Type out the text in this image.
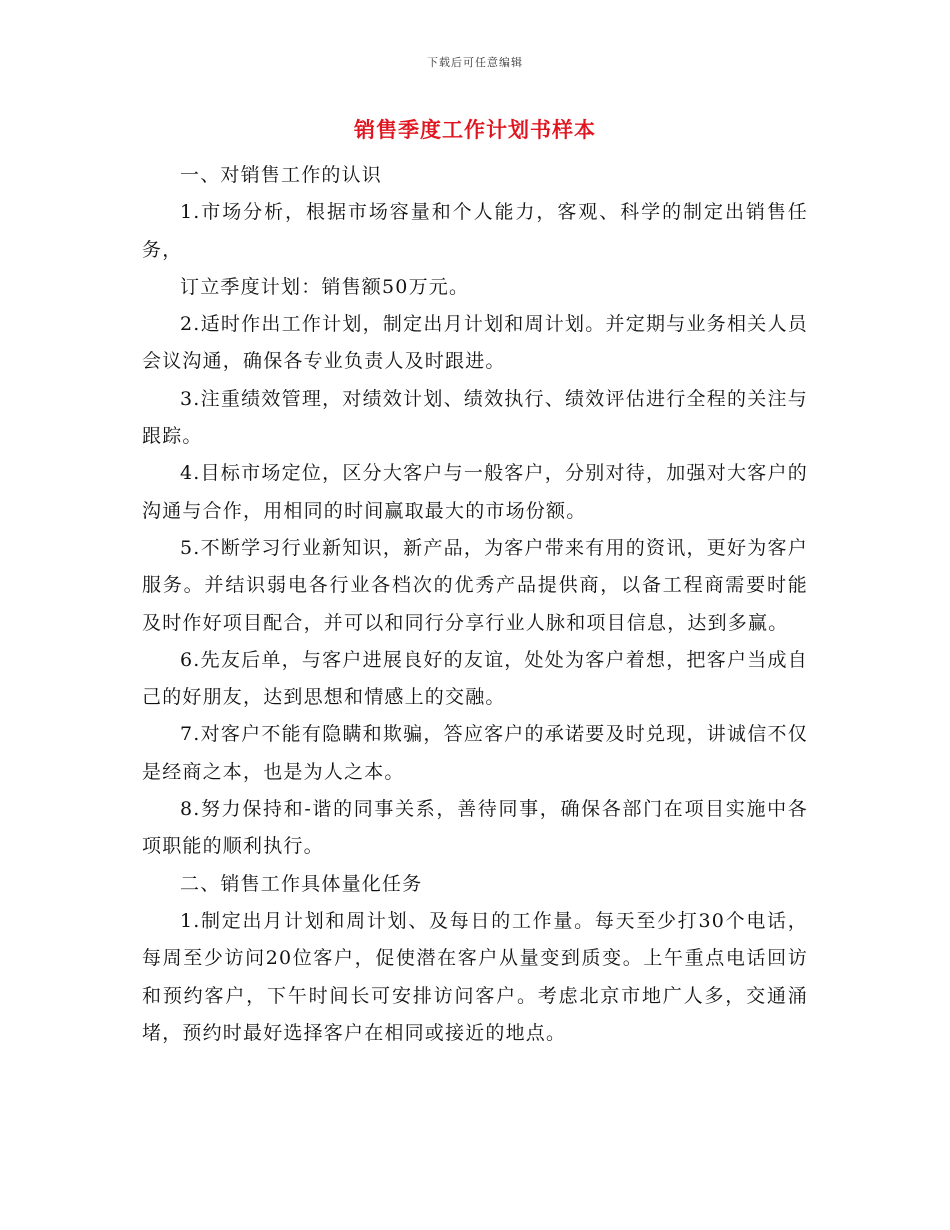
下载后可任意编辑
销售季度工作计划书样本

一、对销售工作的认识

1.市场分析，根据市场容量和个人能力，客观、科学的制定出销售任务，

订立季度计划：销售额50万元。

2.适时作出工作计划，制定出月计划和周计划。并定期与业务相关人员会议沟通，确保各专业负责人及时跟进。

3.注重绩效管理，对绩效计划、绩效执行、绩效评估进行全程的关注与跟踪。

4.目标市场定位，区分大客户与一般客户，分别对待，加强对大客户的沟通与合作，用相同的时间赢取最大的市场份额。

5.不断学习行业新知识，新产品，为客户带来有用的资讯，更好为客户服务。并结识弱电各行业各档次的优秀产品提供商，以备工程商需要时能及时作好项目配合，并可以和同行分享行业人脉和项目信息，达到多赢。

6.先友后单，与客户进展良好的友谊，处处为客户着想，把客户当成自己的好朋友，达到思想和情感上的交融。

7.对客户不能有隐瞒和欺骗，答应客户的承诺要及时兑现，讲诚信不仅是经商之本，也是为人之本。

8.努力保持和-谐的同事关系，善待同事，确保各部门在项目实施中各项职能的顺利执行。

二、销售工作具体量化任务

1.制定出月计划和周计划、及每日的工作量。每天至少打30个电话，每周至少访问20位客户，促使潜在客户从量变到质变。上午重点电话回访和预约客户，下午时间长可安排访问客户。考虑北京市地广人多，交通涌堵，预约时最好选择客户在相同或接近的地点。
